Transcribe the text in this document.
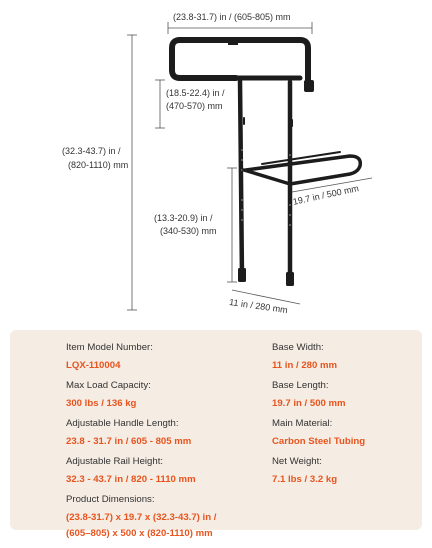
(23.8-31.7) in / (605-805) mm
(18.5-22.4) in /
(470-570) mm
(32.3-43.7) in /
(820-1110) mm
(13.3-20.9) in /
(340-530) mm
19.7 in / 500 mm
11 in / 280 mm
Item Model Number:
LQX-110004
Max Load Capacity:
300 lbs / 136 kg
Adjustable Handle Length:
23.8 - 31.7 in / 605 - 805 mm
Adjustable Rail Height:
32.3 - 43.7 in / 820 - 1110 mm
Product Dimensions:
(23.8-31.7) x 19.7 x (32.3-43.7) in /
(605–805) x 500 x (820-1110) mm
Base Width:
11 in / 280 mm
Base Length:
19.7 in / 500 mm
Main Material:
Carbon Steel Tubing
Net Weight:
7.1 lbs / 3.2 kg
